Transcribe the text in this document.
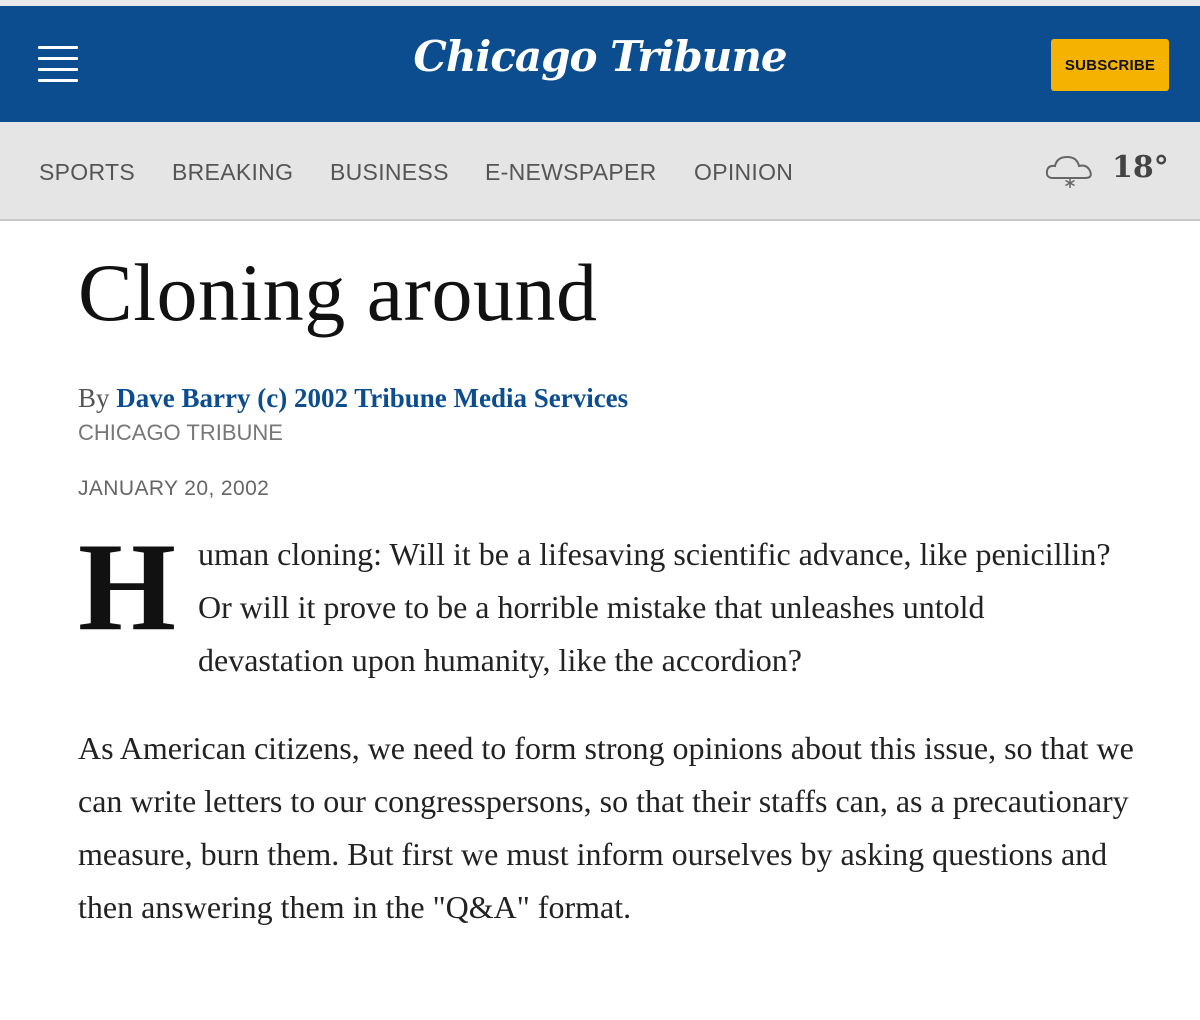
Chicago Tribune	SUBSCRIBE
SPORTS BREAKING BUSINESS E-NEWSPAPER OPINION	18°
Cloning around
By Dave Barry (c) 2002 Tribune Media Services
CHICAGO TRIBUNE
JANUARY 20, 2002

Human cloning: Will it be a lifesaving scientific advance, like penicillin? Or will it prove to be a horrible mistake that unleashes untold devastation upon humanity, like the accordion?

As American citizens, we need to form strong opinions about this issue, so that we can write letters to our congresspersons, so that their staffs can, as a precautionary measure, burn them. But first we must inform ourselves by asking questions and then answering them in the "Q&A" format.
